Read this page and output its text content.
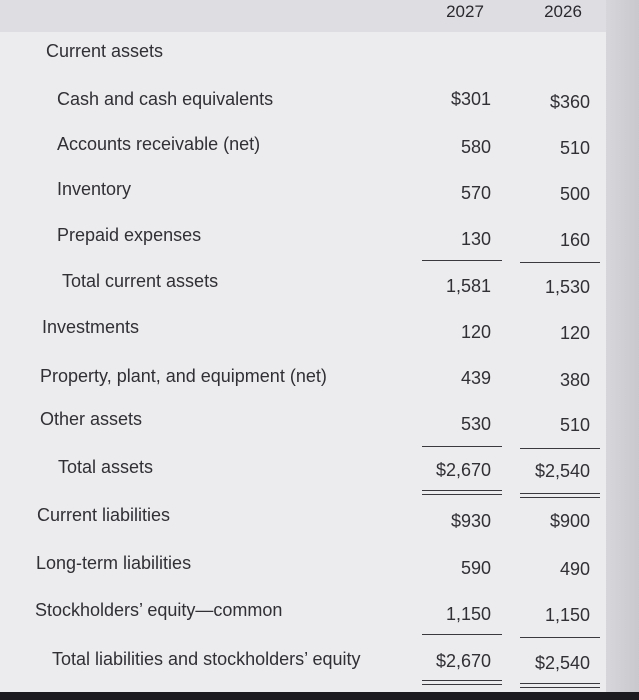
2027	2026
Current assets
Cash and cash equivalents	$301	$360
Accounts receivable (net)	580	510
Inventory	570	500
Prepaid expenses	130	160
Total current assets	1,581	1,530
Investments	120	120
Property, plant, and equipment (net)	439	380
Other assets	530	510
Total assets	$2,670	$2,540
Current liabilities	$930	$900
Long-term liabilities	590	490
Stockholders’ equity—common	1,150	1,150
Total liabilities and stockholders’ equity	$2,670	$2,540
